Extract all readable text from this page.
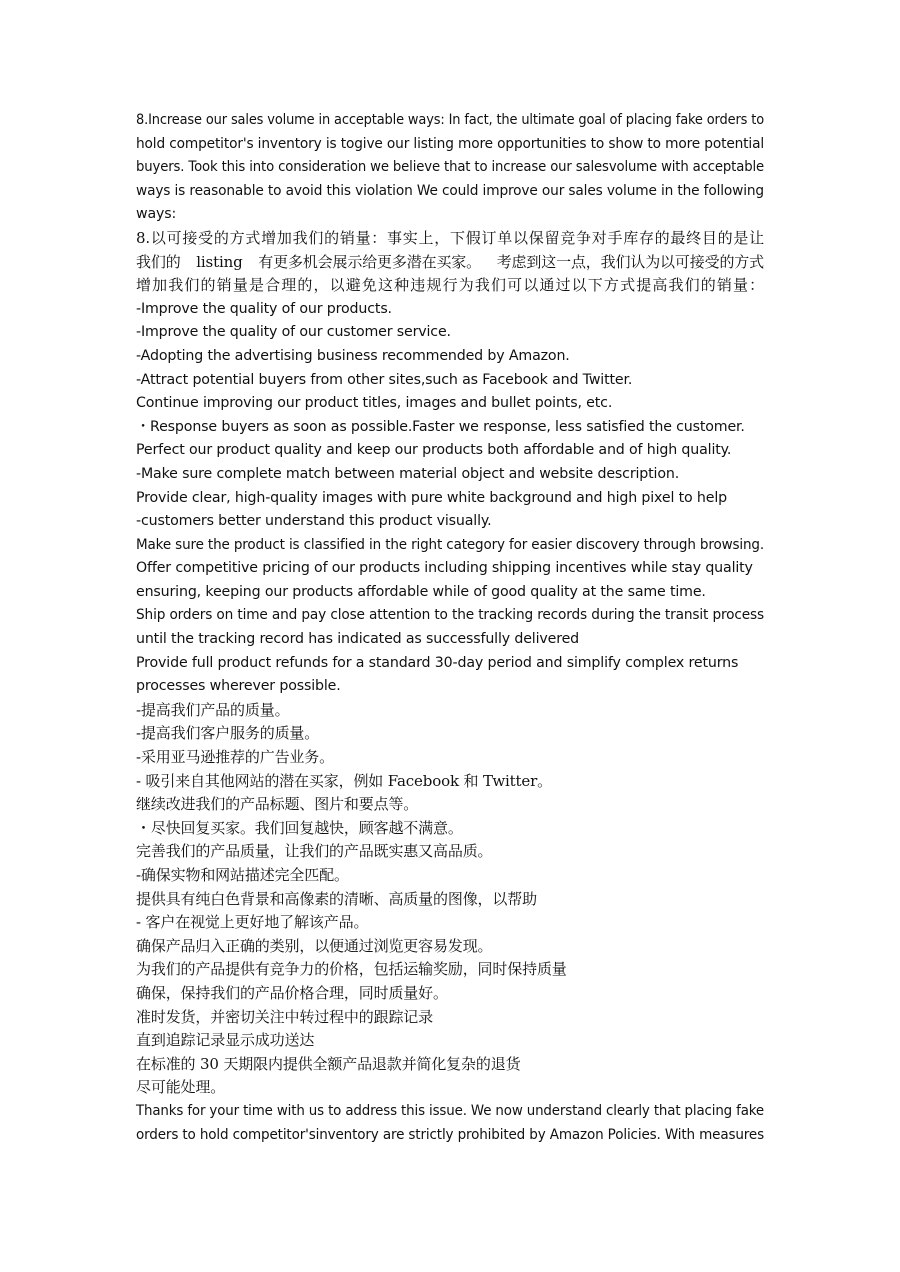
8.Increase our sales volume in acceptable ways: In fact, the ultimate goal of placing fake orders to
hold competitor's inventory is togive our listing more opportunities to show to more potential
buyers. Took this into consideration we believe that to increase our salesvolume with acceptable
ways is reasonable to avoid this violation We could improve our sales volume in the following
ways:

8.以可接受的方式增加我们的销量：事实上，下假订单以保留竞争对手库存的最终目的是让
我们的 listing 有更多机会展示给更多潜在买家。 考虑到这一点，我们认为以可接受的方式
增加我们的销量是合理的，以避免这种违规行为我们可以通过以下方式提高我们的销量：

-Improve the quality of our products.

-Improve the quality of our customer service.

-Adopting the advertising business recommended by Amazon.

-Attract potential buyers from other sites,such as Facebook and Twitter.

Continue improving our product titles, images and bullet points, etc.

・Response buyers as soon as possible.Faster we response, less satisfied the customer.

Perfect our product quality and keep our products both affordable and of high quality.

-Make sure complete match between material object and website description.

Provide clear, high-quality images with pure white background and high pixel to help

-customers better understand this product visually.

Make sure the product is classified in the right category for easier discovery through browsing.

Offer competitive pricing of our products including shipping incentives while stay quality

ensuring, keeping our products affordable while of good quality at the same time.

Ship orders on time and pay close attention to the tracking records during the transit process

until the tracking record has indicated as successfully delivered

Provide full product refunds for a standard 30-day period and simplify complex returns

processes wherever possible.

-提高我们产品的质量。

-提高我们客户服务的质量。

-采用亚马逊推荐的广告业务。

- 吸引来自其他网站的潜在买家，例如 Facebook 和 Twitter。

继续改进我们的产品标题、图片和要点等。

・尽快回复买家。我们回复越快，顾客越不满意。

完善我们的产品质量，让我们的产品既实惠又高品质。

-确保实物和网站描述完全匹配。

提供具有纯白色背景和高像素的清晰、高质量的图像，以帮助

- 客户在视觉上更好地了解该产品。

确保产品归入正确的类别，以便通过浏览更容易发现。

为我们的产品提供有竞争力的价格，包括运输奖励，同时保持质量

确保，保持我们的产品价格合理，同时质量好。

准时发货，并密切关注中转过程中的跟踪记录

直到追踪记录显示成功送达

在标准的 30 天期限内提供全额产品退款并简化复杂的退货

尽可能处理。

Thanks for your time with us to address this issue. We now understand clearly that placing fake
orders to hold competitor'sinventory are strictly prohibited by Amazon Policies. With measures
